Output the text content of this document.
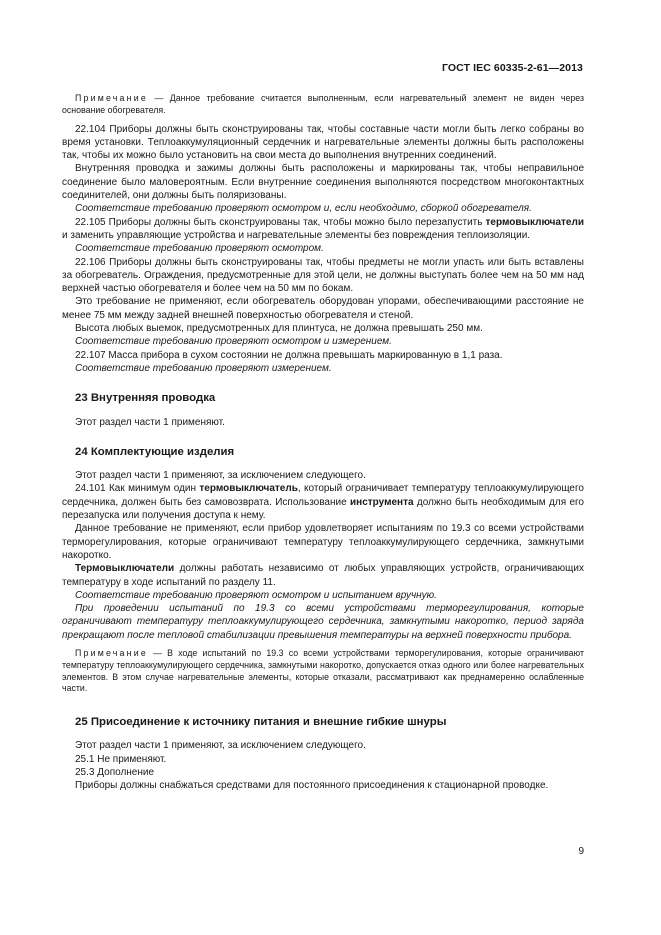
ГОСТ IEC 60335-2-61—2013

Примечание — Данное требование считается выполненным, если нагревательный элемент не виден через основание обогревателя.

22.104 Приборы должны быть сконструированы так, чтобы составные части могли быть легко собраны во время установки. Теплоаккумуляционный сердечник и нагревательные элементы должны быть расположены так, чтобы их можно было установить на свои места до выполнения внутренних соединений.

Внутренняя проводка и зажимы должны быть расположены и маркированы так, чтобы неправильное соединение было маловероятным. Если внутренние соединения выполняются посредством многоконтактных соединителей, они должны быть поляризованы.

Соответствие требованию проверяют осмотром и, если необходимо, сборкой обогревателя.

22.105 Приборы должны быть сконструированы так, чтобы можно было перезапустить термовыключатели и заменить управляющие устройства и нагревательные элементы без повреждения теплоизоляции.

Соответствие требованию проверяют осмотром.

22.106 Приборы должны быть сконструированы так, чтобы предметы не могли упасть или быть вставлены за обогреватель. Ограждения, предусмотренные для этой цели, не должны выступать более чем на 50 мм над верхней частью обогревателя и более чем на 50 мм по бокам.

Это требование не применяют, если обогреватель оборудован упорами, обеспечивающими расстояние не менее 75 мм между задней внешней поверхностью обогревателя и стеной.

Высота любых выемок, предусмотренных для плинтуса, не должна превышать 250 мм.

Соответствие требованию проверяют осмотром и измерением.

22.107 Масса прибора в сухом состоянии не должна превышать маркированную в 1,1 раза.

Соответствие требованию проверяют измерением.

23 Внутренняя проводка

Этот раздел части 1 применяют.

24 Комплектующие изделия

Этот раздел части 1 применяют, за исключением следующего.

24.101 Как минимум один термовыключатель, который ограничивает температуру теплоаккумулирующего сердечника, должен быть без самовозврата. Использование инструмента должно быть необходимым для его перезапуска или получения доступа к нему.

Данное требование не применяют, если прибор удовлетворяет испытаниям по 19.3 со всеми устройствами терморегулирования, которые ограничивают температуру теплоаккумулирующего сердечника, замкнутыми накоротко.

Термовыключатели должны работать независимо от любых управляющих устройств, ограничивающих температуру в ходе испытаний по разделу 11.

Соответствие требованию проверяют осмотром и испытанием вручную.

При проведении испытаний по 19.3 со всеми устройствами терморегулирования, которые ограничивают температуру теплоаккумулирующего сердечника, замкнутыми накоротко, период заряда прекращают после тепловой стабилизации превышения температуры на верхней поверхности прибора.

Примечание — В ходе испытаний по 19.3 со всеми устройствами терморегулирования, которые ограничивают температуру теплоаккумулирующего сердечника, замкнутыми накоротко, допускается отказ одного или более нагревательных элементов. В этом случае нагревательные элементы, которые отказали, рассматривают как преднамеренно ослабленные части.

25 Присоединение к источнику питания и внешние гибкие шнуры

Этот раздел части 1 применяют, за исключением следующего.

25.1 Не применяют.

25.3 Дополнение

Приборы должны снабжаться средствами для постоянного присоединения к стационарной проводке.

9
